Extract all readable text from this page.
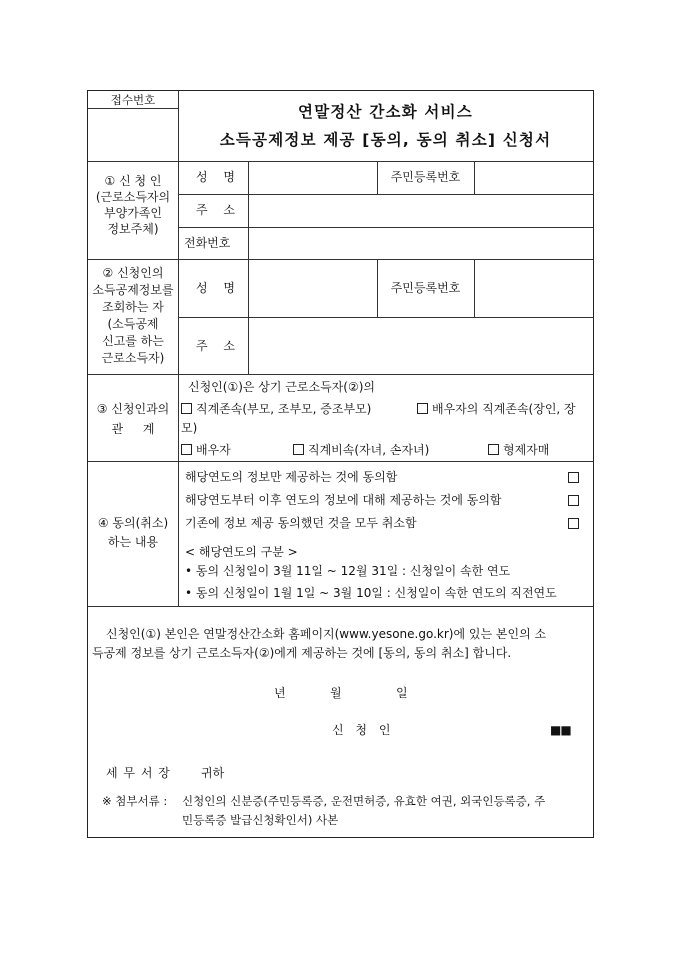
접수번호
연말정산 간소화 서비스
소득공제정보 제공 [동의, 동의 취소] 신청서
① 신 청 인
(근로소득자의
부양가족인
정보주체)
성 명	주민등록번호
주 소
전화번호
② 신청인의
소득공제정보를
조회하는 자
(소득공제
신고를 하는
근로소득자)
성 명	주민등록번호
주 소
③ 신청인과의
관 계
신청인(①)은 상기 근로소득자(②)의
직계존속(부모, 조부모, 증조부모)	배우자의 직계존속(장인, 장
모)
배우자	직계비속(자녀, 손자녀)	형제자매
④ 동의(취소)
하는 내용
해당연도의 정보만 제공하는 것에 동의함
해당연도부터 이후 연도의 정보에 대해 제공하는 것에 동의함
기존에 정보 제공 동의했던 것을 모두 취소함
< 해당연도의 구분 >
• 동의 신청일이 3월 11일 ~ 12월 31일 : 신청일이 속한 연도
• 동의 신청일이 1월 1일 ~ 3월 10일 : 신청일이 속한 연도의 직전연도
신청인(①) 본인은 연말정산간소화 홈페이지(www.yesone.go.kr)에 있는 본인의 소
득공제 정보를 상기 근로소득자(②)에게 제공하는 것에 [동의, 동의 취소] 합니다.
년	월	일
신 청 인	■■
세 무 서 장	귀하
※ 첨부서류 : 신청인의 신분증(주민등록증, 운전면허증, 유효한 여권, 외국인등록증, 주
민등록증 발급신청확인서) 사본
